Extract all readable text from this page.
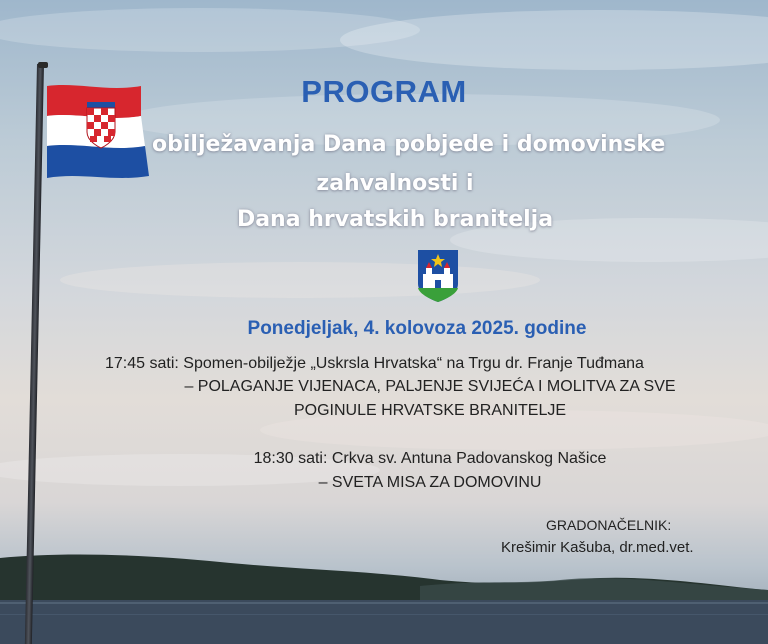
PROGRAM
obilježavanja Dana pobjede i domovinske
zahvalnosti i
Dana hrvatskih branitelja
Ponedjeljak, 4. kolovoza 2025. godine
17:45 sati: Spomen-obilježje „Uskrsla Hrvatska“ na Trgu dr. Franje Tuđmana
– POLAGANJE VIJENACA, PALJENJE SVIJEĆA I MOLITVA ZA SVE
POGINULE HRVATSKE BRANITELJE
18:30 sati: Crkva sv. Antuna Padovanskog Našice
– SVETA MISA ZA DOMOVINU
GRADONAČELNIK:
Krešimir Kašuba, dr.med.vet.
